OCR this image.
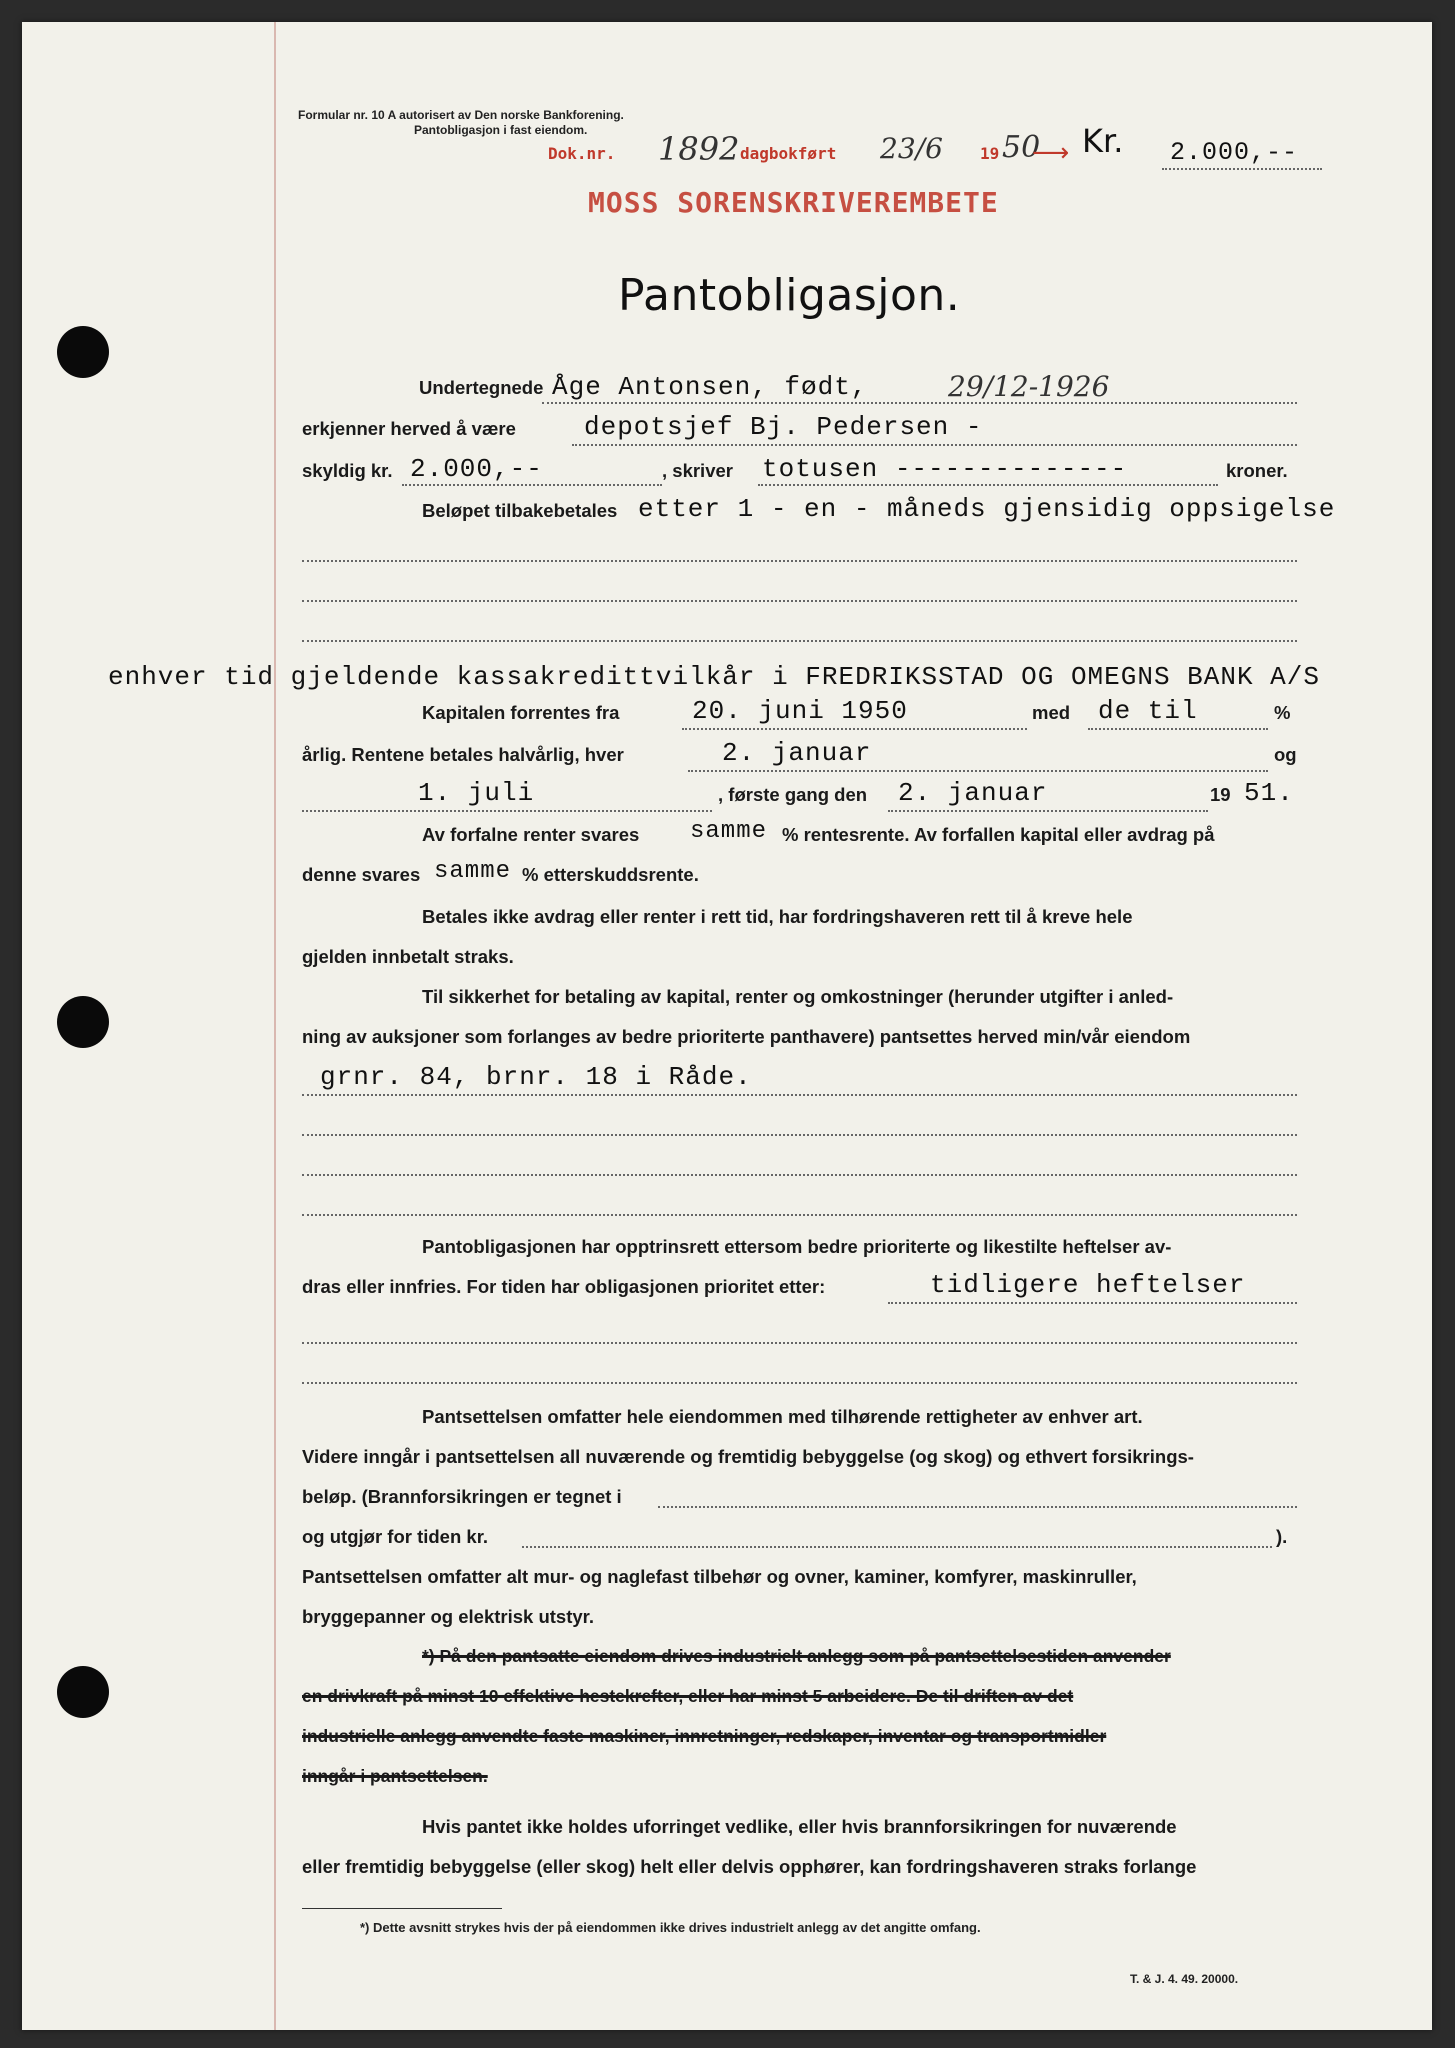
Formular nr. 10 A autorisert av Den norske Bankforening.
Pantobligasjon i fast eiendom.
Dok.nr. 1892 dagbokført 23/6 19 50
⟶ Kr. 2.000,--
MOSS SORENSKRIVEREMBETE
Pantobligasjon.
Undertegnede Åge Antonsen, født,	29/12-1926
erkjenner herved å være	depotsjef Bj. Pedersen -
skyldig kr. 2.000,--	, skriver totusen --------------	kroner.
Beløpet tilbakebetales etter 1 - en - måneds gjensidig oppsigelse
enhver tid gjeldende kassakredittvilkår i FREDRIKSSTAD OG OMEGNS BANK A/S
Kapitalen forrentes fra	20. juni 1950	med de til	%
årlig. Rentene betales halvårlig, hver	2. januar	og
1. juli	, første gang den 2. januar	19 51.
Av forfalne renter svares samme % rentesrente. Av forfallen kapital eller avdrag på
denne svares samme % etterskuddsrente.
Betales ikke avdrag eller renter i rett tid, har fordringshaveren rett til å kreve hele
gjelden innbetalt straks.
Til sikkerhet for betaling av kapital, renter og omkostninger (herunder utgifter i anled-
ning av auksjoner som forlanges av bedre prioriterte panthavere) pantsettes herved min/vår eiendom
grnr. 84, brnr. 18 i Råde.
Pantobligasjonen har opptrinsrett ettersom bedre prioriterte og likestilte heftelser av-
dras eller innfries. For tiden har obligasjonen prioritet etter:	tidligere heftelser
Pantsettelsen omfatter hele eiendommen med tilhørende rettigheter av enhver art.
Videre inngår i pantsettelsen all nuværende og fremtidig bebyggelse (og skog) og ethvert forsikrings-
beløp. (Brannforsikringen er tegnet i
og utgjør for tiden kr.	).
Pantsettelsen omfatter alt mur- og naglefast tilbehør og ovner, kaminer, komfyrer, maskinruller,
bryggepanner og elektrisk utstyr.
*) På den pantsatte eiendom drives industrielt anlegg som på pantsettelsestiden anvender
en drivkraft på minst 10 effektive hestekrefter, eller har minst 5 arbeidere. De til driften av det
industrielle anlegg anvendte faste maskiner, innretninger, redskaper, inventar og transportmidler
inngår i pantsettelsen.
Hvis pantet ikke holdes uforringet vedlike, eller hvis brannforsikringen for nuværende
eller fremtidig bebyggelse (eller skog) helt eller delvis opphører, kan fordringshaveren straks forlange
*) Dette avsnitt strykes hvis der på eiendommen ikke drives industrielt anlegg av det angitte omfang.
T. & J. 4. 49. 20000.
